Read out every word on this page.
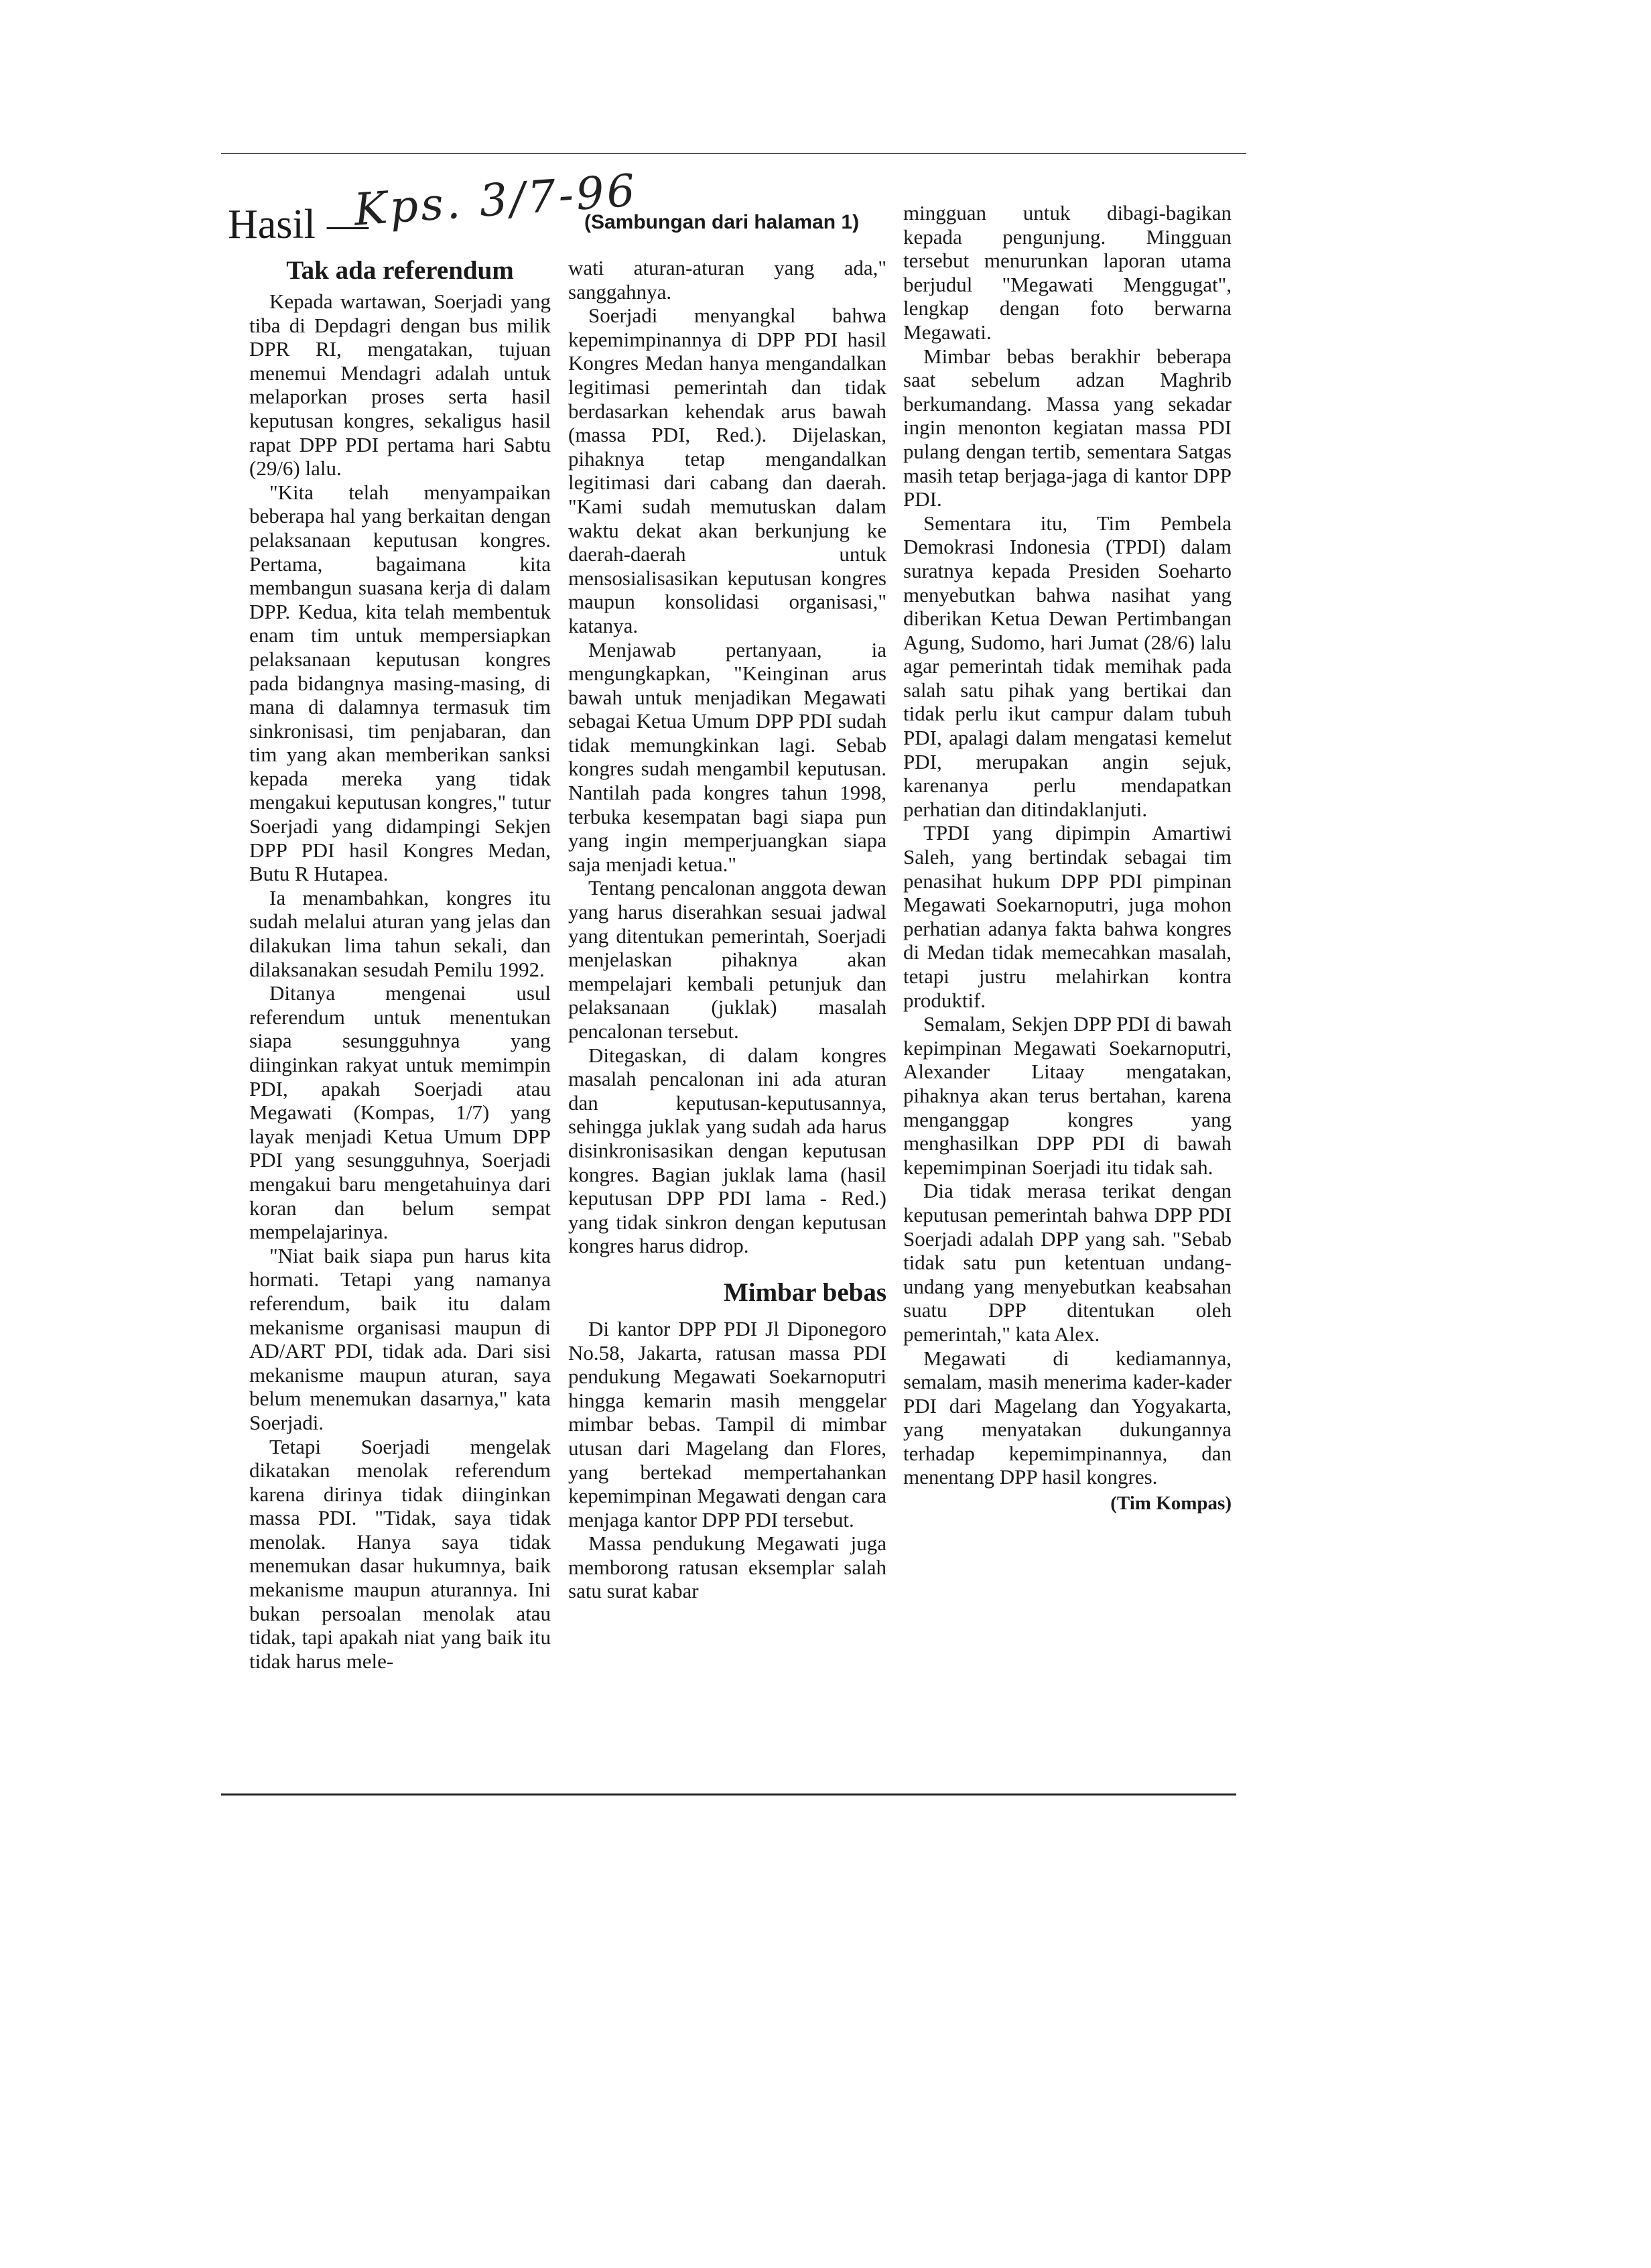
Hasil —
Kps. 3/7-96
(Sambungan dari halaman 1)
Tak ada referendum

Kepada wartawan, Soerjadi yang tiba di Depdagri dengan bus milik DPR RI, mengatakan, tujuan menemui Mendagri adalah untuk melaporkan proses serta hasil keputusan kongres, sekaligus hasil rapat DPP PDI pertama hari Sabtu (29/6) lalu.

"Kita telah menyampaikan beberapa hal yang berkaitan dengan pelaksanaan keputusan kongres. Pertama, bagaimana kita membangun suasana kerja di dalam DPP. Kedua, kita telah membentuk enam tim untuk mempersiapkan pelaksanaan keputusan kongres pada bidangnya masing-masing, di mana di dalamnya termasuk tim sinkronisasi, tim penjabaran, dan tim yang akan memberikan sanksi kepada mereka yang tidak mengakui keputusan kongres," tutur Soerjadi yang didampingi Sekjen DPP PDI hasil Kongres Medan, Butu R Hutapea.

Ia menambahkan, kongres itu sudah melalui aturan yang jelas dan dilakukan lima tahun sekali, dan dilaksanakan sesudah Pemilu 1992.

Ditanya mengenai usul referendum untuk menentukan siapa sesungguhnya yang diinginkan rakyat untuk memimpin PDI, apakah Soerjadi atau Megawati (Kompas, 1/7) yang layak menjadi Ketua Umum DPP PDI yang sesungguhnya, Soerjadi mengakui baru mengetahuinya dari koran dan belum sempat mempelajarinya.

"Niat baik siapa pun harus kita hormati. Tetapi yang namanya referendum, baik itu dalam mekanisme organisasi maupun di AD/ART PDI, tidak ada. Dari sisi mekanisme maupun aturan, saya belum menemukan dasarnya," kata Soerjadi.

Tetapi Soerjadi mengelak dikatakan menolak referendum karena dirinya tidak diinginkan massa PDI. "Tidak, saya tidak menolak. Hanya saya tidak menemukan dasar hukumnya, baik mekanisme maupun aturannya. Ini bukan persoalan menolak atau tidak, tapi apakah niat yang baik itu tidak harus mele-

wati aturan-aturan yang ada," sanggahnya.

Soerjadi menyangkal bahwa kepemimpinannya di DPP PDI hasil Kongres Medan hanya mengandalkan legitimasi pemerintah dan tidak berdasarkan kehendak arus bawah (massa PDI, Red.). Dijelaskan, pihaknya tetap mengandalkan legitimasi dari cabang dan daerah. "Kami sudah memutuskan dalam waktu dekat akan berkunjung ke daerah-daerah untuk mensosialisasikan keputusan kongres maupun konsolidasi organisasi," katanya.

Menjawab pertanyaan, ia mengungkapkan, "Keinginan arus bawah untuk menjadikan Megawati sebagai Ketua Umum DPP PDI sudah tidak memungkinkan lagi. Sebab kongres sudah mengambil keputusan. Nantilah pada kongres tahun 1998, terbuka kesempatan bagi siapa pun yang ingin memperjuangkan siapa saja menjadi ketua."

Tentang pencalonan anggota dewan yang harus diserahkan sesuai jadwal yang ditentukan pemerintah, Soerjadi menjelaskan pihaknya akan mempelajari kembali petunjuk dan pelaksanaan (juklak) masalah pencalonan tersebut.

Ditegaskan, di dalam kongres masalah pencalonan ini ada aturan dan keputusan-keputusannya, sehingga juklak yang sudah ada harus disinkronisasikan dengan keputusan kongres. Bagian juklak lama (hasil keputusan DPP PDI lama - Red.) yang tidak sinkron dengan keputusan kongres harus didrop.

Mimbar bebas

Di kantor DPP PDI Jl Diponegoro No.58, Jakarta, ratusan massa PDI pendukung Megawati Soekarnoputri hingga kemarin masih menggelar mimbar bebas. Tampil di mimbar utusan dari Magelang dan Flores, yang bertekad mempertahankan kepemimpinan Megawati dengan cara menjaga kantor DPP PDI tersebut.

Massa pendukung Megawati juga memborong ratusan eksemplar salah satu surat kabar

mingguan untuk dibagi-bagikan kepada pengunjung. Mingguan tersebut menurunkan laporan utama berjudul "Megawati Menggugat", lengkap dengan foto berwarna Megawati.

Mimbar bebas berakhir beberapa saat sebelum adzan Maghrib berkumandang. Massa yang sekadar ingin menonton kegiatan massa PDI pulang dengan tertib, sementara Satgas masih tetap berjaga-jaga di kantor DPP PDI.

Sementara itu, Tim Pembela Demokrasi Indonesia (TPDI) dalam suratnya kepada Presiden Soeharto menyebutkan bahwa nasihat yang diberikan Ketua Dewan Pertimbangan Agung, Sudomo, hari Jumat (28/6) lalu agar pemerintah tidak memihak pada salah satu pihak yang bertikai dan tidak perlu ikut campur dalam tubuh PDI, apalagi dalam mengatasi kemelut PDI, merupakan angin sejuk, karenanya perlu mendapatkan perhatian dan ditindaklanjuti.

TPDI yang dipimpin Amartiwi Saleh, yang bertindak sebagai tim penasihat hukum DPP PDI pimpinan Megawati Soekarnoputri, juga mohon perhatian adanya fakta bahwa kongres di Medan tidak memecahkan masalah, tetapi justru melahirkan kontra produktif.

Semalam, Sekjen DPP PDI di bawah kepimpinan Megawati Soekarnoputri, Alexander Litaay mengatakan, pihaknya akan terus bertahan, karena menganggap kongres yang menghasilkan DPP PDI di bawah kepemimpinan Soerjadi itu tidak sah.

Dia tidak merasa terikat dengan keputusan pemerintah bahwa DPP PDI Soerjadi adalah DPP yang sah. "Sebab tidak satu pun ketentuan undang-undang yang menyebutkan keabsahan suatu DPP ditentukan oleh pemerintah," kata Alex.

Megawati di kediamannya, semalam, masih menerima kader-kader PDI dari Magelang dan Yogyakarta, yang menyatakan dukungannya terhadap kepemimpinannya, dan menentang DPP hasil kongres.

(Tim Kompas)
